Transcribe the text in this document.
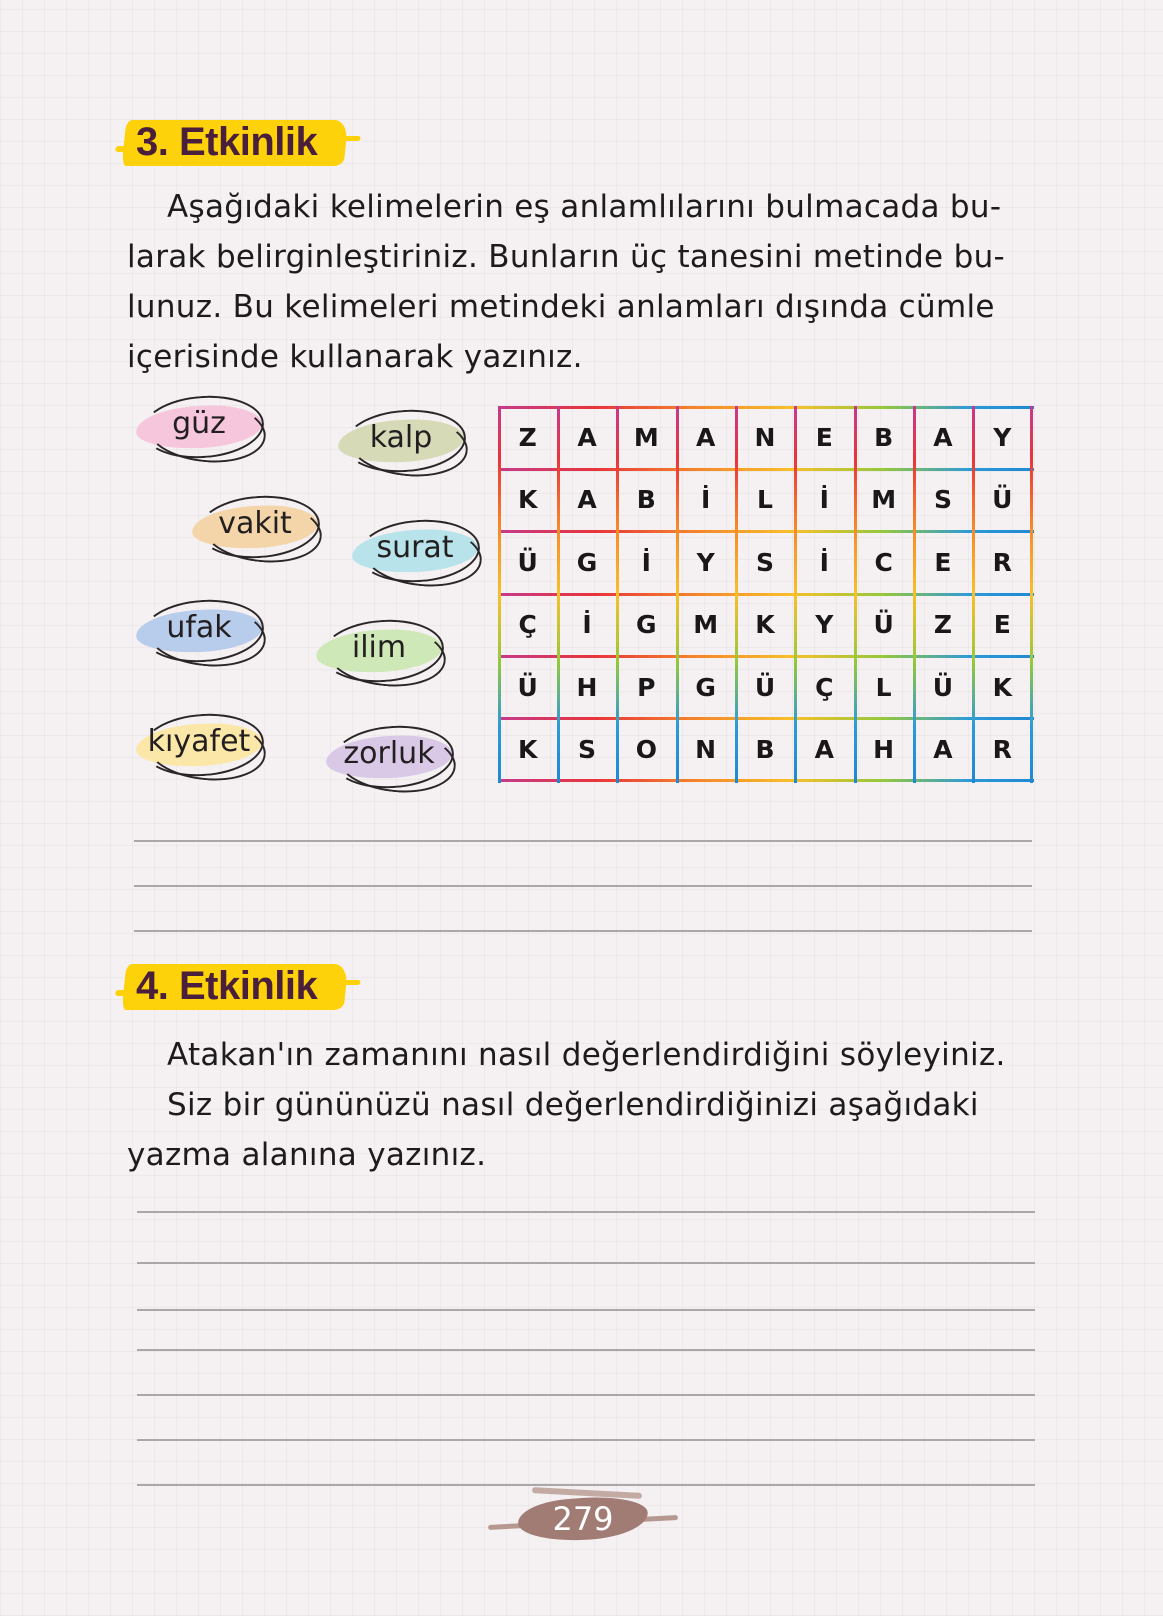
3. Etkinlik
Aşağıdaki kelimelerin eş anlamlılarını bulmacada bu-
larak belirginleştiriniz. Bunların üç tanesini metinde bu-
lunuz. Bu kelimeleri metindeki anlamları dışında cümle
içerisinde kullanarak yazınız.
güz	kalp
vakit
surat
ufak
ilim
kıyafet	zorluk
Z	A	M	A	N	E	B	A	Y
K	A	B	İ	L	İ	M	S	Ü
Ü	G	İ	Y	S	İ	C	E	R
Ç	İ	G	M	K	Y	Ü	Z	E
Ü	H	P	G	Ü	Ç	L	Ü	K
K	S	O	N	B	A	H	A	R
4. Etkinlik
Atakan'ın zamanını nasıl değerlendirdiğini söyleyiniz.
Siz bir gününüzü nasıl değerlendirdiğinizi aşağıdaki
yazma alanına yazınız.
279
